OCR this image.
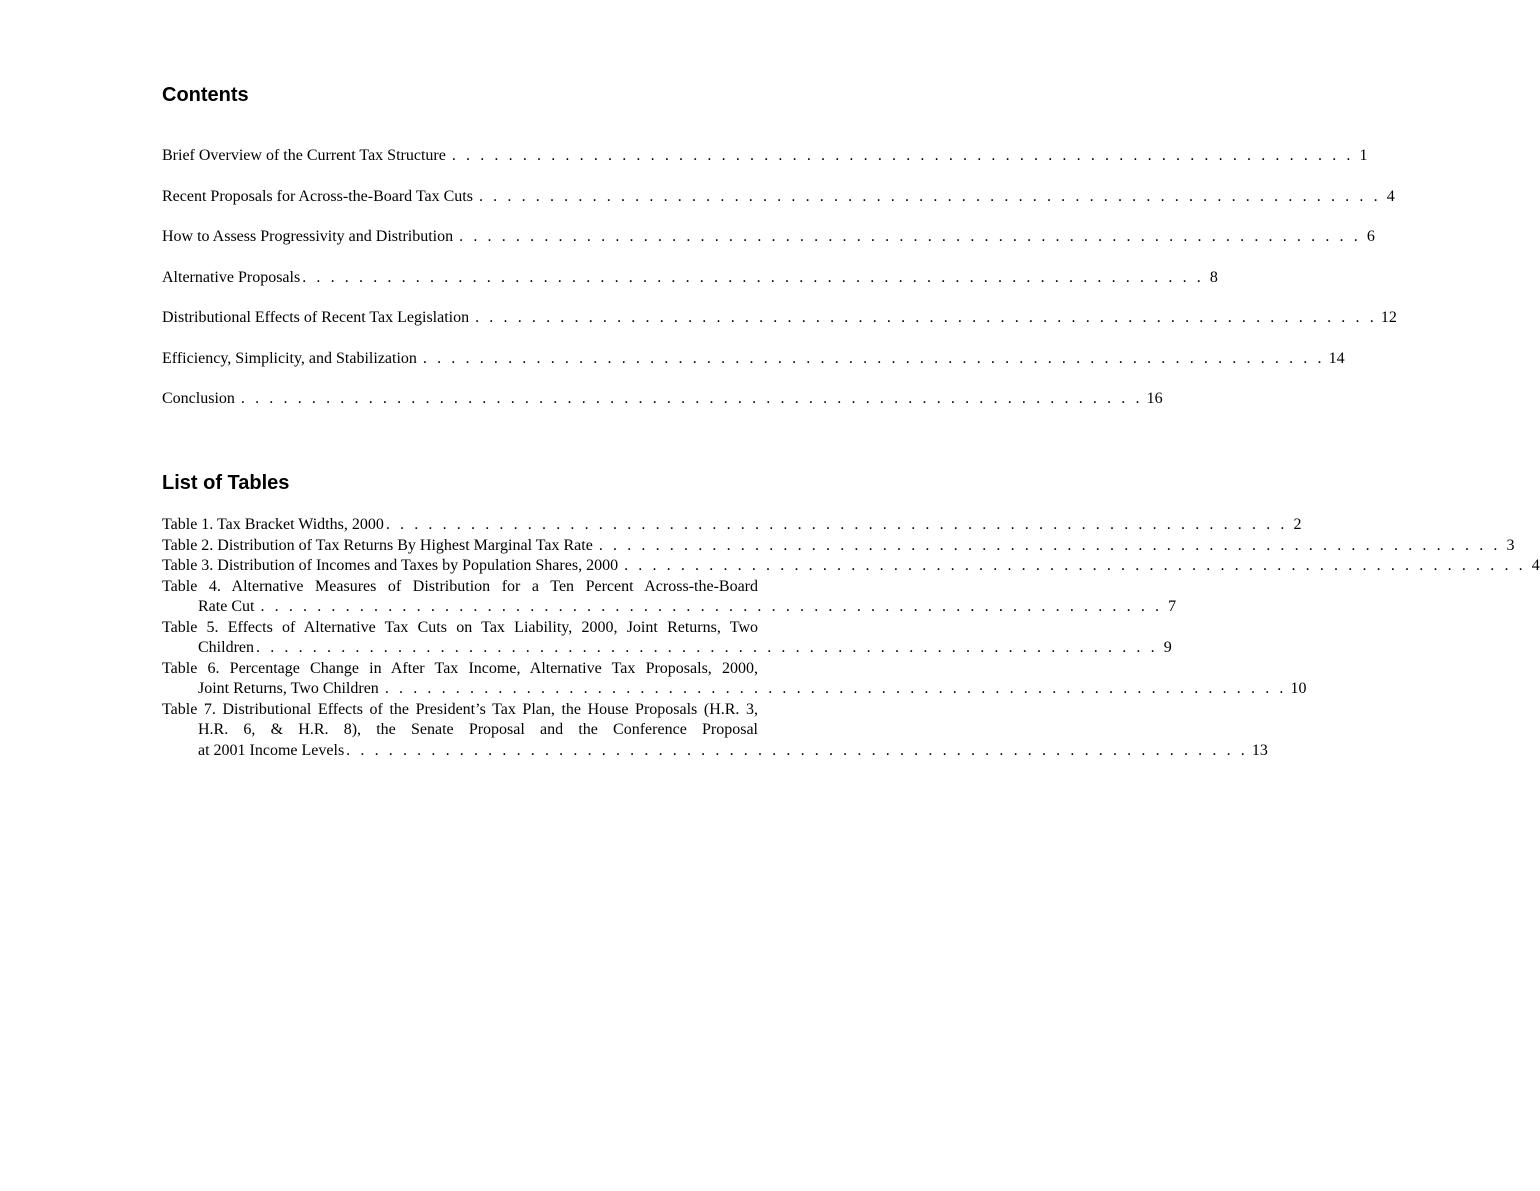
Contents
Brief Overview of the Current Tax Structure . . . . . . . . . . . . . . . . . . . . . . . . . . . . . . . . . . . . . . . . . . . . . . . . . . . . . . . . . . . . . . . . 1
Recent Proposals for Across-the-Board Tax Cuts . . . . . . . . . . . . . . . . . . . . . . . . . . . . . . . . . . . . . . . . . . . . . . . . . . . . . . . . . . . . . . . . 4
How to Assess Progressivity and Distribution . . . . . . . . . . . . . . . . . . . . . . . . . . . . . . . . . . . . . . . . . . . . . . . . . . . . . . . . . . . . . . . . 6
Alternative Proposals . . . . . . . . . . . . . . . . . . . . . . . . . . . . . . . . . . . . . . . . . . . . . . . . . . . . . . . . . . . . . . . . 8
Distributional Effects of Recent Tax Legislation . . . . . . . . . . . . . . . . . . . . . . . . . . . . . . . . . . . . . . . . . . . . . . . . . . . . . . . . . . . . . . . . 12
Efficiency, Simplicity, and Stabilization . . . . . . . . . . . . . . . . . . . . . . . . . . . . . . . . . . . . . . . . . . . . . . . . . . . . . . . . . . . . . . . . 14
Conclusion . . . . . . . . . . . . . . . . . . . . . . . . . . . . . . . . . . . . . . . . . . . . . . . . . . . . . . . . . . . . . . . . 16
List of Tables
Table 1. Tax Bracket Widths, 2000 . . . . . . . . . . . . . . . . . . . . . . . . . . . . . . . . . . . . . . . . . . . . . . . . . . . . . . . . . . . . . . . . 2
Table 2. Distribution of Tax Returns By Highest Marginal Tax Rate . . . . . . . . . . . . . . . . . . . . . . . . . . . . . . . . . . . . . . . . . . . . . . . . . . . . . . . . . . . . . . . . 3
Table 3. Distribution of Incomes and Taxes by Population Shares, 2000 . . . . . . . . . . . . . . . . . . . . . . . . . . . . . . . . . . . . . . . . . . . . . . . . . . . . . . . . . . . . . . . . 4
Table 4. Alternative Measures of Distribution for a Ten Percent Across-the-Board
Rate Cut . . . . . . . . . . . . . . . . . . . . . . . . . . . . . . . . . . . . . . . . . . . . . . . . . . . . . . . . . . . . . . . . 7
Table 5. Effects of Alternative Tax Cuts on Tax Liability, 2000, Joint Returns, Two
Children . . . . . . . . . . . . . . . . . . . . . . . . . . . . . . . . . . . . . . . . . . . . . . . . . . . . . . . . . . . . . . . . 9
Table 6. Percentage Change in After Tax Income, Alternative Tax Proposals, 2000,
Joint Returns, Two Children . . . . . . . . . . . . . . . . . . . . . . . . . . . . . . . . . . . . . . . . . . . . . . . . . . . . . . . . . . . . . . . . 10
Table 7. Distributional Effects of the President’s Tax Plan, the House Proposals (H.R. 3, H.R. 6, & H.R. 8), the Senate Proposal and the Conference Proposal
at 2001 Income Levels . . . . . . . . . . . . . . . . . . . . . . . . . . . . . . . . . . . . . . . . . . . . . . . . . . . . . . . . . . . . . . . . 13
